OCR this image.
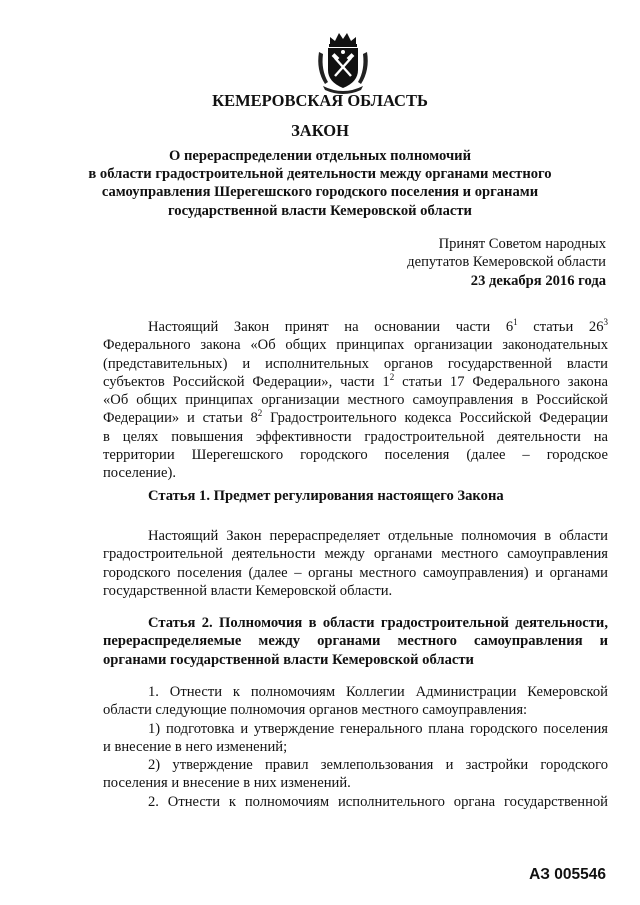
КЕМЕРОВСКАЯ ОБЛАСТЬ
ЗАКОН
О перераспределении отдельных полномочий
в области градостроительной деятельности между органами местного
самоуправления Шерегешского городского поселения и органами
государственной власти Кемеровской области
Принят Советом народных
депутатов Кемеровской области
23 декабря 2016 года
Настоящий Закон принят на основании части $6^1$ статьи $26^3$
Федерального закона «Об общих принципах организации законодательных
(представительных) и исполнительных органов государственной власти
субъектов Российской Федерации», части $1^2$ статьи 17 Федерального закона
«Об общих принципах организации местного самоуправления в Российской
Федерации» и статьи $8^2$ Градостроительного кодекса Российской Федерации
в целях повышения эффективности градостроительной деятельности на
территории Шерегешского городского поселения (далее – городское
поселение).
Статья 1. Предмет регулирования настоящего Закона
Настоящий Закон перераспределяет отдельные полномочия в области
градостроительной деятельности между органами местного самоуправления
городского поселения (далее – органы местного самоуправления) и органами
государственной власти Кемеровской области.
Статья 2. Полномочия в области градостроительной деятельности,
перераспределяемые между органами местного самоуправления и
органами государственной власти Кемеровской области
1. Отнести к полномочиям Коллегии Администрации Кемеровской
области следующие полномочия органов местного самоуправления:
1) подготовка и утверждение генерального плана городского поселения
и внесение в него изменений;
2) утверждение правил землепользования и застройки городского
поселения и внесение в них изменений.
2. Отнести к полномочиям исполнительного органа государственной
АЗ 005546
